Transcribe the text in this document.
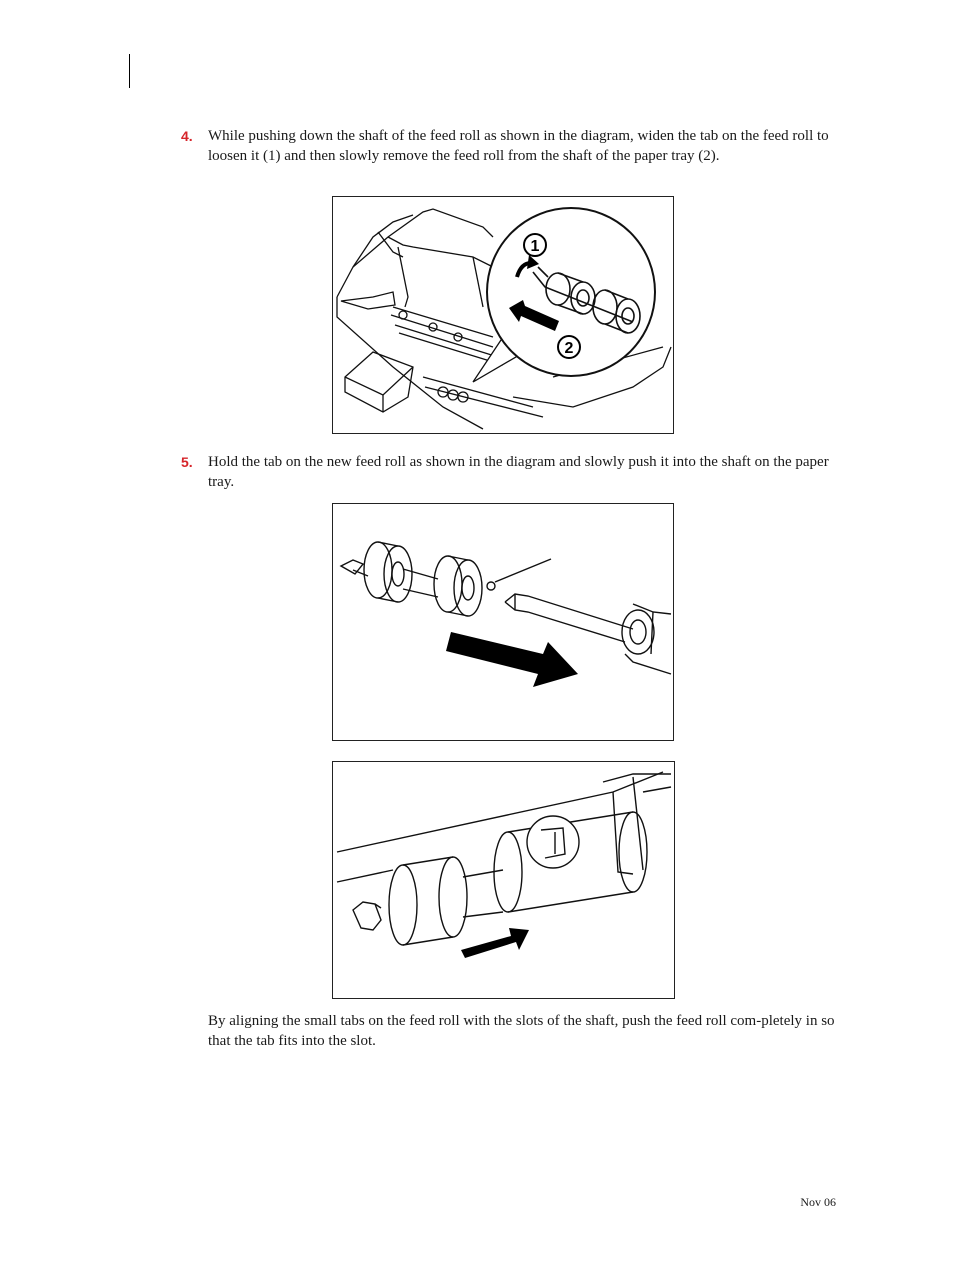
4. While pushing down the shaft of the feed roll as shown in the diagram, widen the tab on the feed roll to loosen it (1) and then slowly remove the feed roll from the shaft of the paper tray (2).
1
2
5. Hold the tab on the new feed roll as shown in the diagram and slowly push it into the shaft on the paper tray.
By aligning the small tabs on the feed roll with the slots of the shaft, push the feed roll com-pletely in so that the tab fits into the slot.
Nov 06
